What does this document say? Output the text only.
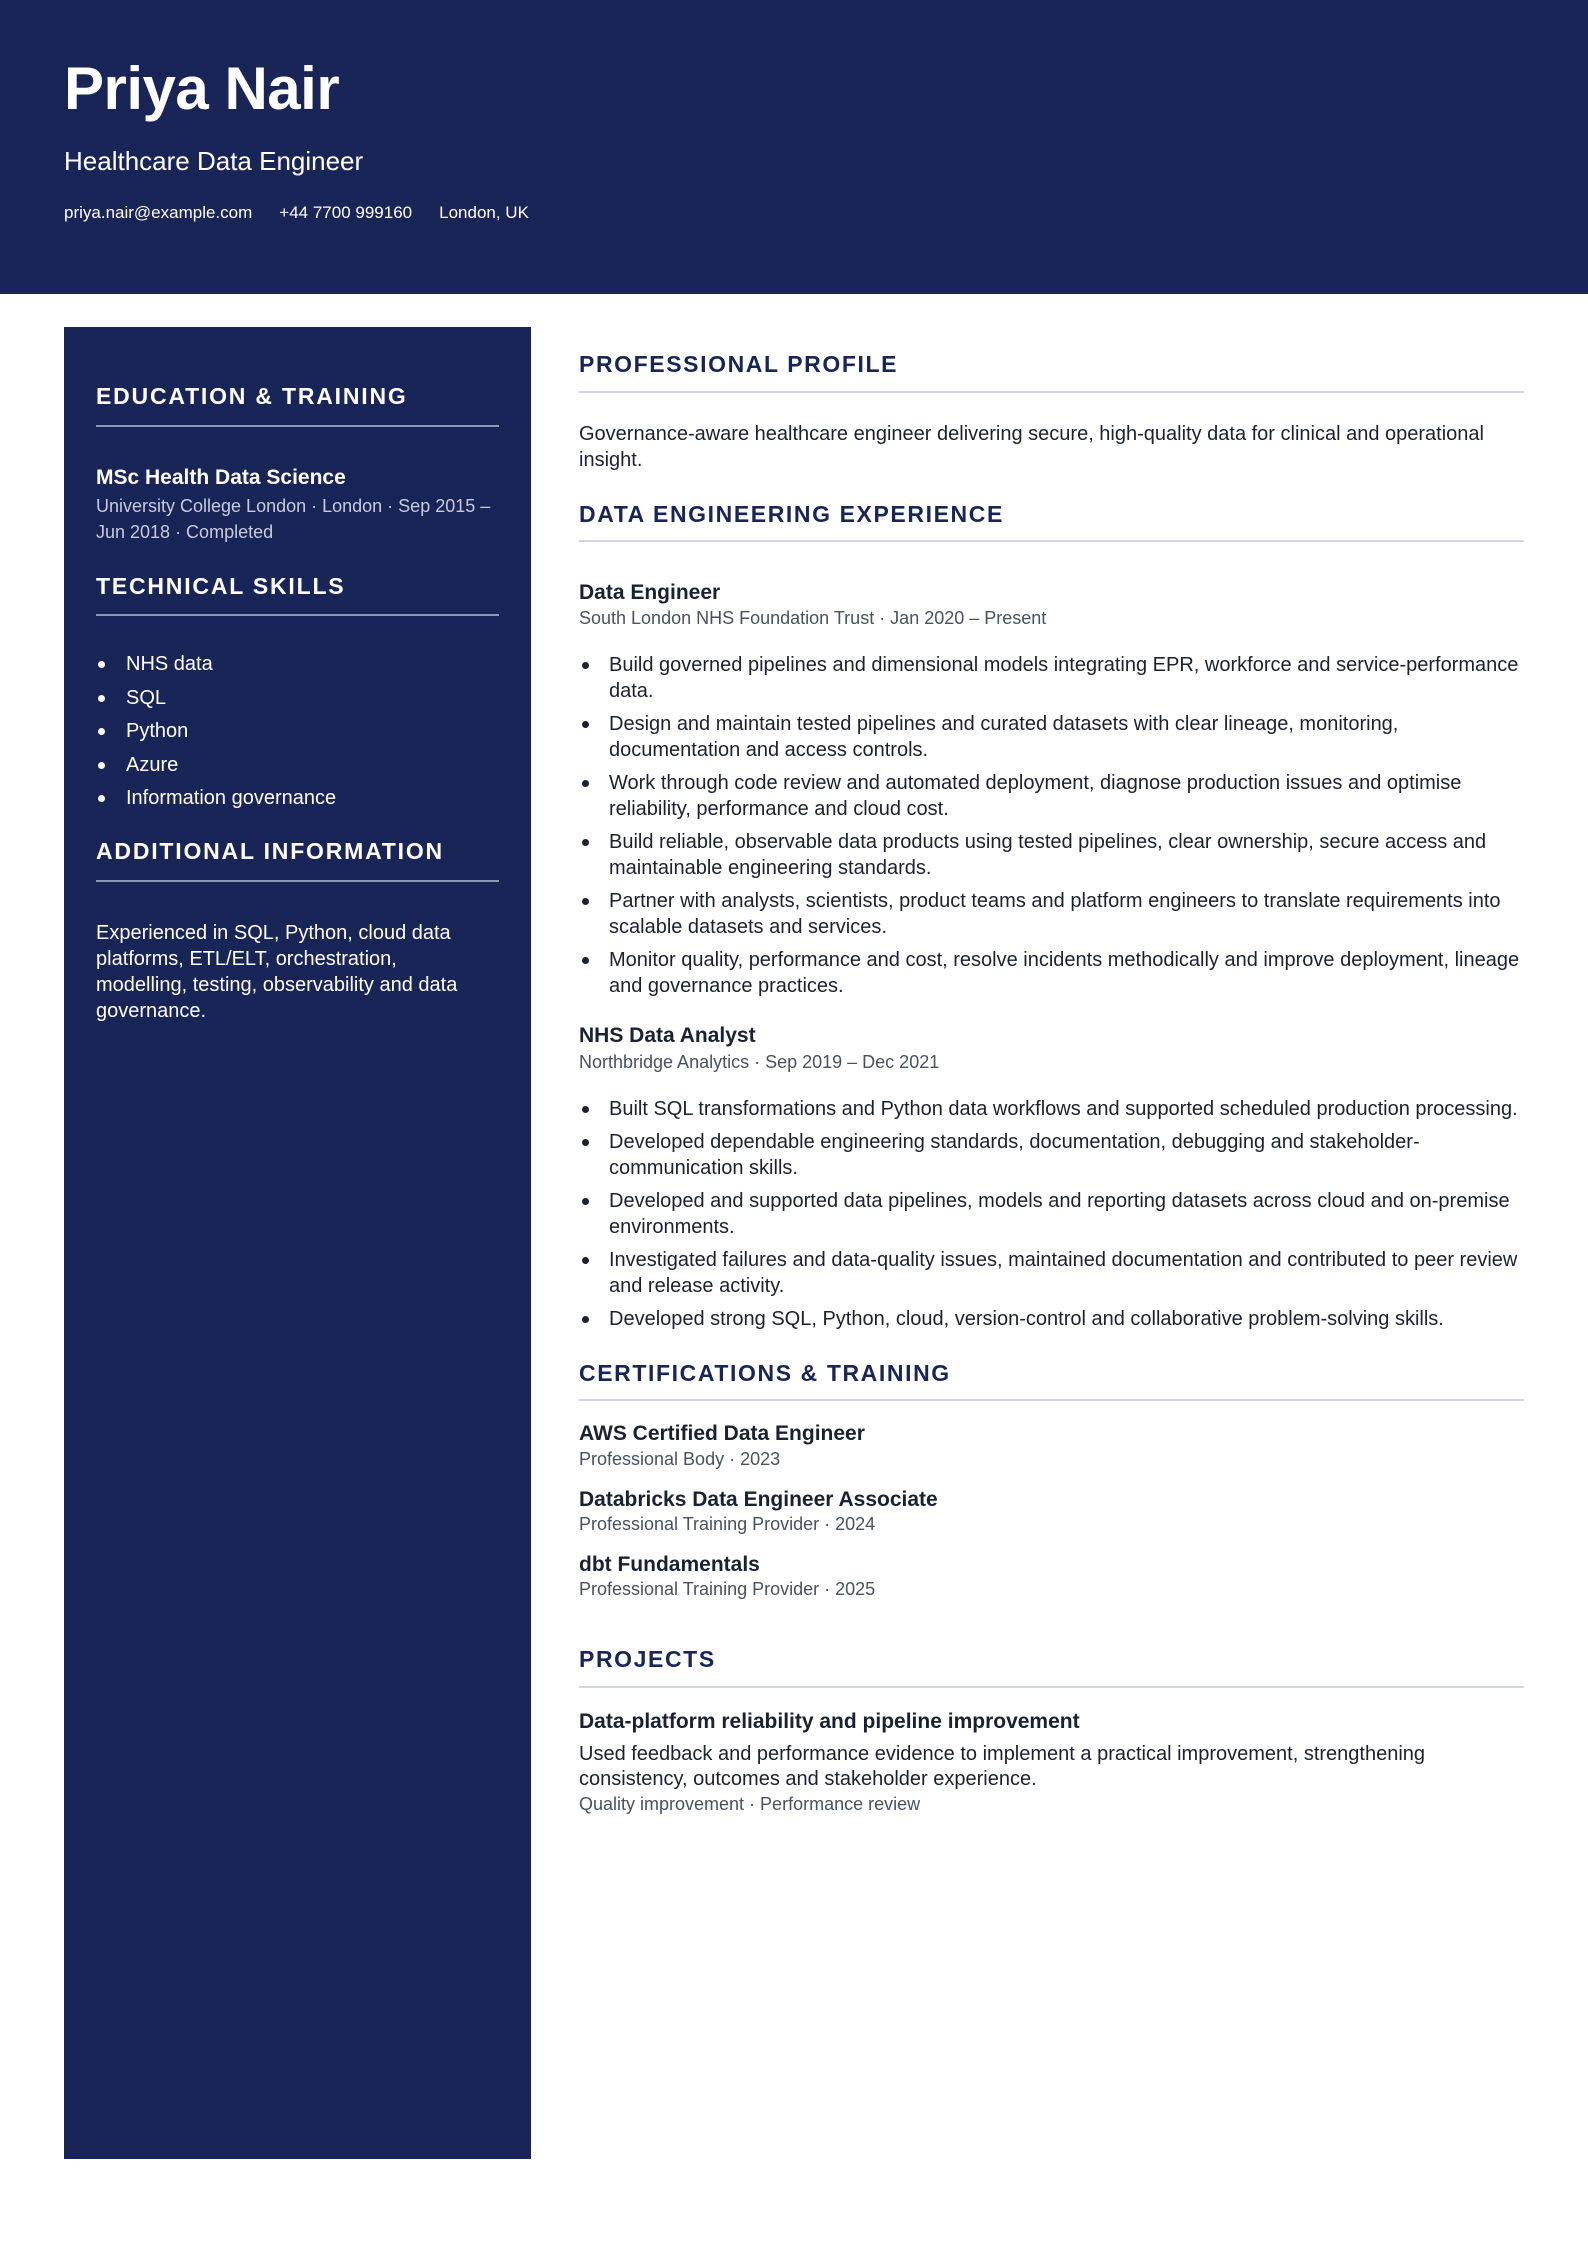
Priya Nair
Healthcare Data Engineer
priya.nair@example.com +44 7700 999160 London, UK
EDUCATION & TRAINING
MSc Health Data Science
University College London · London · Sep 2015 – Jun 2018 · Completed
TECHNICAL SKILLS
NHS data
SQL
Python
Azure
Information governance
ADDITIONAL INFORMATION
Experienced in SQL, Python, cloud data platforms, ETL/ELT, orchestration, modelling, testing, observability and data governance.
PROFESSIONAL PROFILE
Governance-aware healthcare engineer delivering secure, high-quality data for clinical and operational insight.
DATA ENGINEERING EXPERIENCE
Data Engineer
South London NHS Foundation Trust · Jan 2020 – Present
Build governed pipelines and dimensional models integrating EPR, workforce and service-performance data.
Design and maintain tested pipelines and curated datasets with clear lineage, monitoring, documentation and access controls.
Work through code review and automated deployment, diagnose production issues and optimise reliability, performance and cloud cost.
Build reliable, observable data products using tested pipelines, clear ownership, secure access and maintainable engineering standards.
Partner with analysts, scientists, product teams and platform engineers to translate requirements into scalable datasets and services.
Monitor quality, performance and cost, resolve incidents methodically and improve deployment, lineage and governance practices.
NHS Data Analyst
Northbridge Analytics · Sep 2019 – Dec 2021
Built SQL transformations and Python data workflows and supported scheduled production processing.
Developed dependable engineering standards, documentation, debugging and stakeholder-communication skills.
Developed and supported data pipelines, models and reporting datasets across cloud and on-premise environments.
Investigated failures and data-quality issues, maintained documentation and contributed to peer review and release activity.
Developed strong SQL, Python, cloud, version-control and collaborative problem-solving skills.
CERTIFICATIONS & TRAINING
AWS Certified Data Engineer
Professional Body · 2023
Databricks Data Engineer Associate
Professional Training Provider · 2024
dbt Fundamentals
Professional Training Provider · 2025
PROJECTS
Data-platform reliability and pipeline improvement
Used feedback and performance evidence to implement a practical improvement, strengthening consistency, outcomes and stakeholder experience.
Quality improvement · Performance review
